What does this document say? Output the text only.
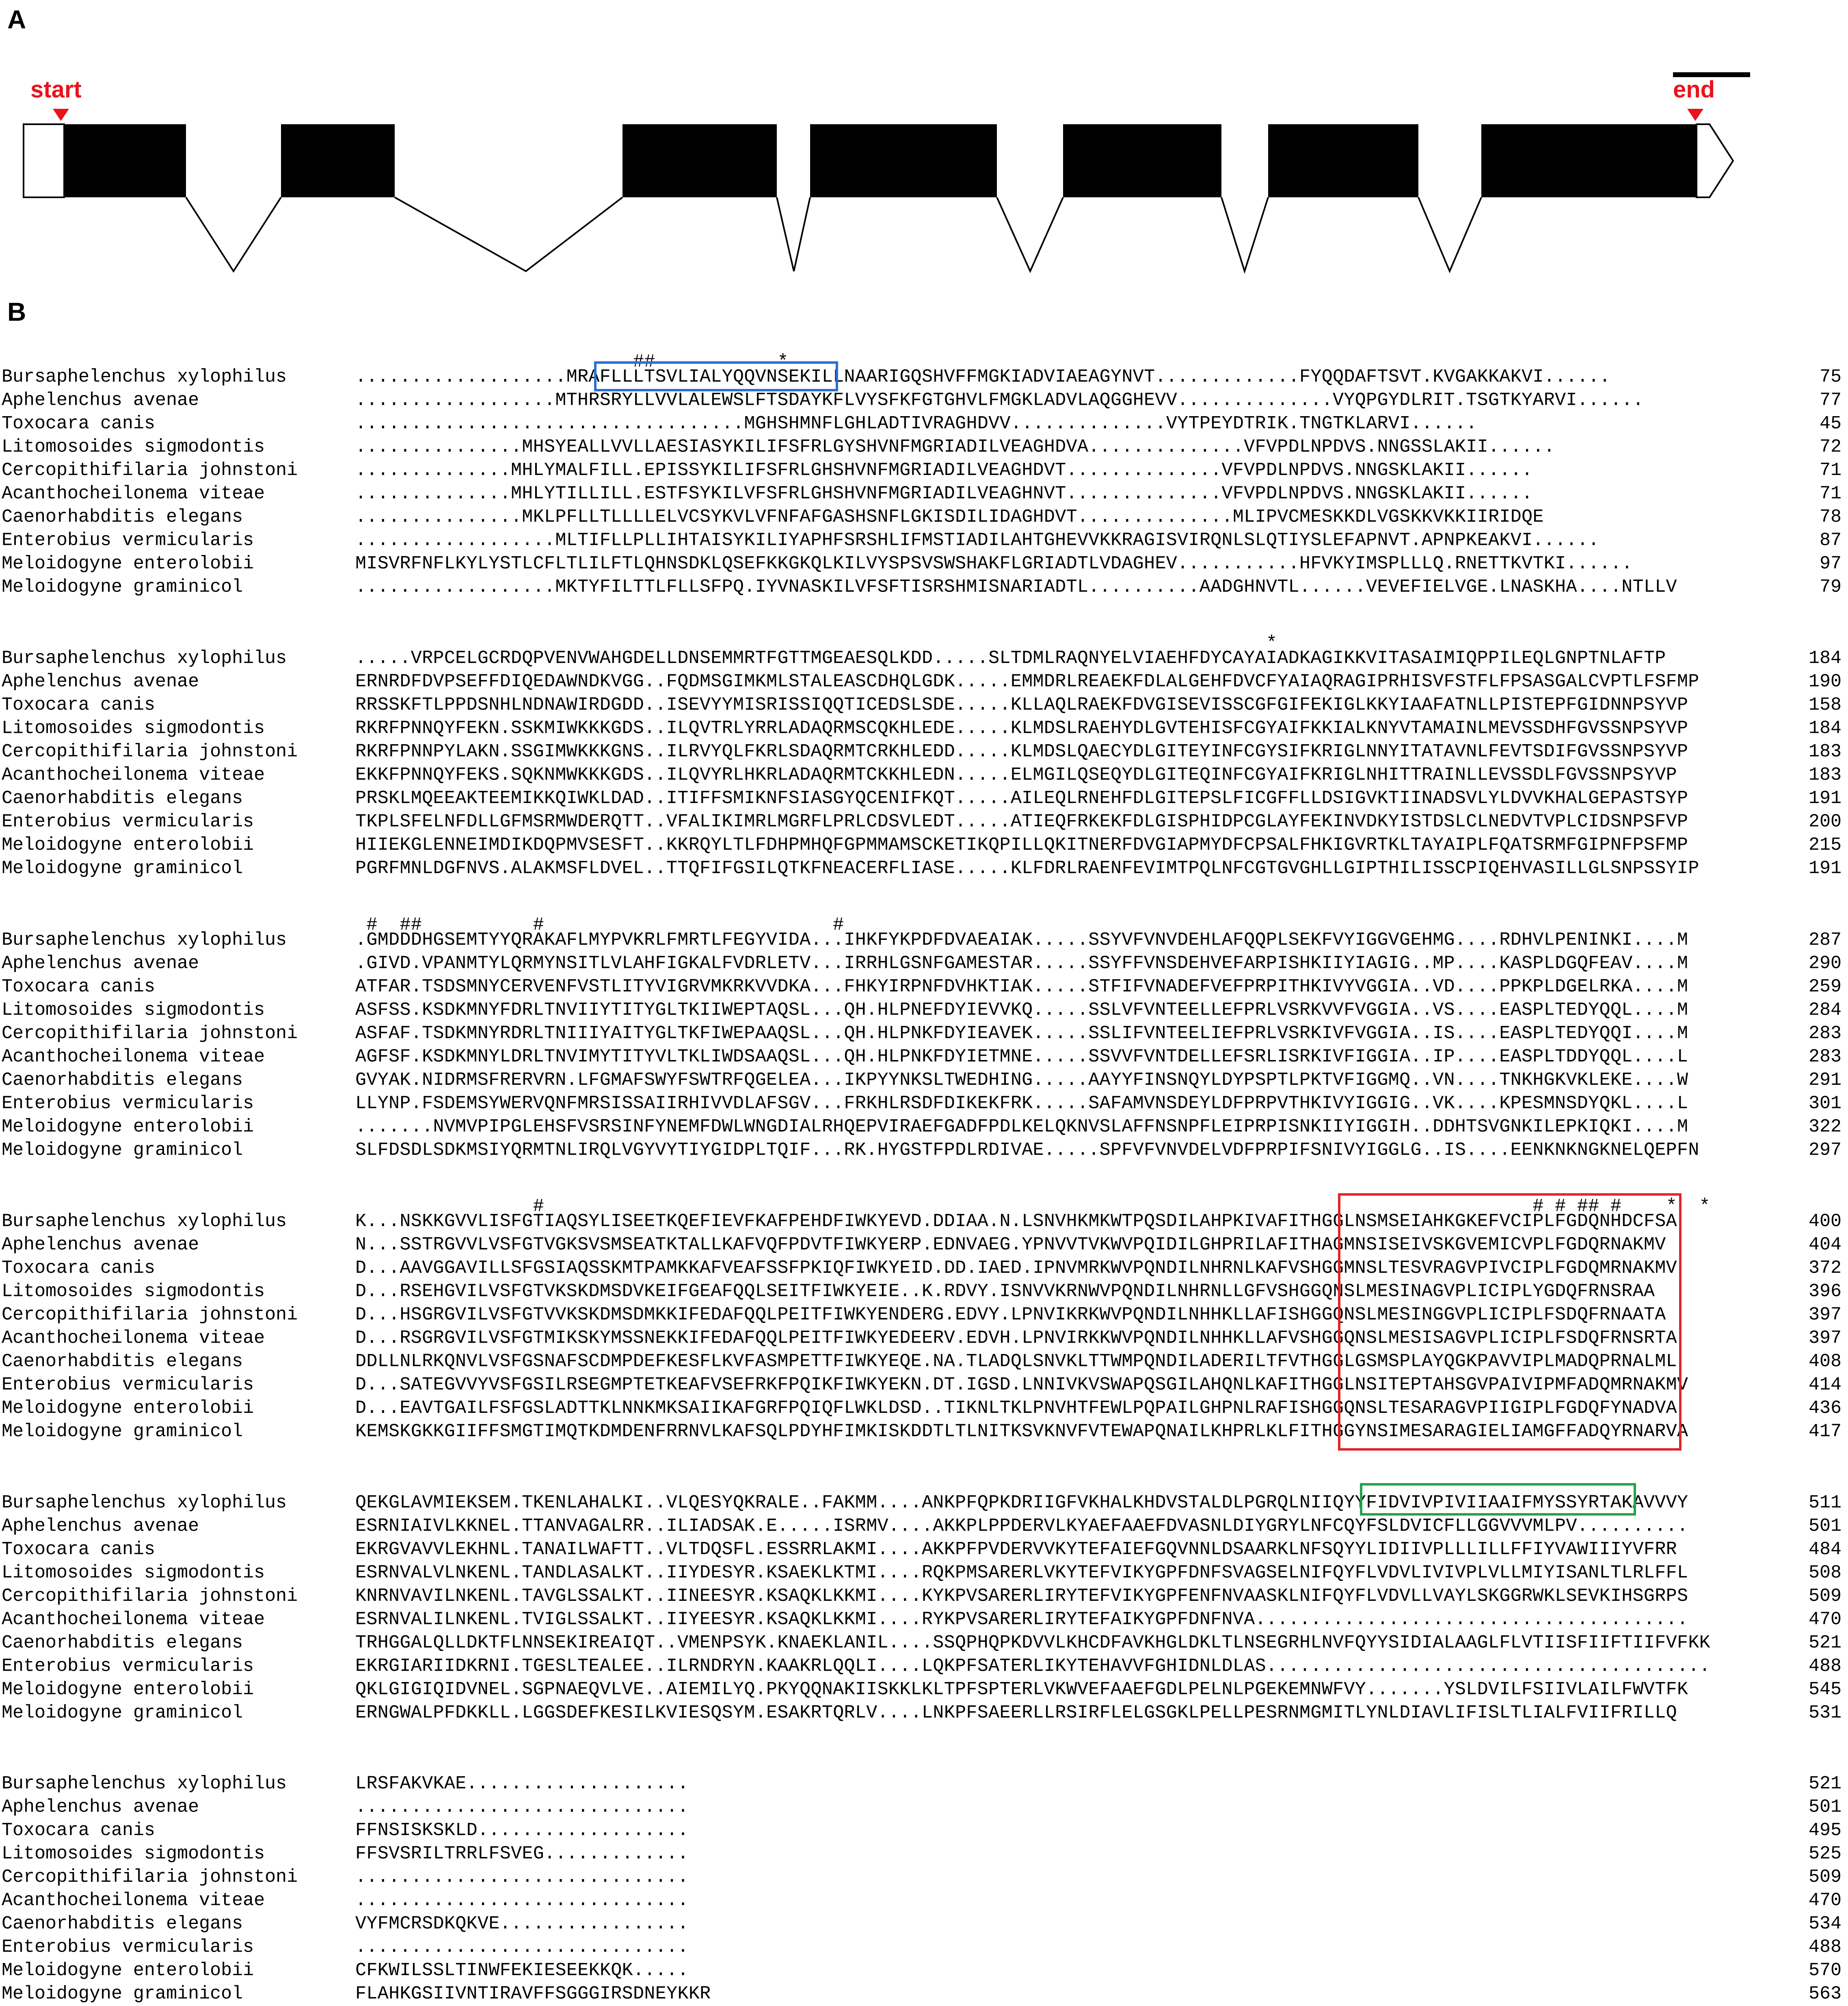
A
start	end
B
##           *
Bursaphelenchus xylophilus	...................MRAFLLLTSVLIALYQQVNSEKILLNAARIGQSHVFFMGKIADVIAEAGYNVT.............FYQQDAFTSVT.KVGAKKAKVI......	75
Aphelenchus avenae	..................MTHRSRYLLVVLALEWSLFTSDAYKFLVYSFKFGTGHVLFMGKLADVLAQGGHEVV..............VYQPGYDLRIT.TSGTKYARVI......	77
Toxocara canis	...................................MGHSHMNFLGHLADTIVRAGHDVV..............VYTPEYDTRIK.TNGTKLARVI......	45
Litomosoides sigmodontis	...............MHSYEALLVVLLAESIASYKILIFSFRLGYSHVNFMGRIADILVEAGHDVA..............VFVPDLNPDVS.NNGSSLAKII......	72
Cercopithifilaria johnstoni	..............MHLYMALFILL.EPISSYKILIFSFRLGHSHVNFMGRIADILVEAGHDVT..............VFVPDLNPDVS.NNGSKLAKII......	71
Acanthocheilonema viteae	..............MHLYTILLILL.ESTFSYKILVFSFRLGHSHVNFMGRIADILVEAGHNVT..............VFVPDLNPDVS.NNGSKLAKII......	71
Caenorhabditis elegans	...............MKLPFLLTLLLLELVCSYKVLVFNFAFGASHSNFLGKISDILIDAGHDVT..............MLIPVCMESKKDLVGSKKVKKIIRIDQE	78
Enterobius vermicularis	..................MLTIFLLPLLIHTAISYKILIYAPHFSRSHLIFMSTIADILAHTGHEVVKKRAGISVIRQNLSLQTIYSLEFAPNVT.APNPKEAKVI......	87
Meloidogyne enterolobii	MISVRFNFLKYLYSTLCFLTLILFTLQHNSDKLQSEFKKGKQLKILVYSPSVSWSHAKFLGRIADTLVDAGHEV...........HFVKYIMSPLLLQ.RNETTKVTKI......	97
Meloidogyne graminicol	..................MKTYFILTTLFLLSFPQ.IYVNASKILVFSFTISRSHMISNARIADTL..........AADGHNVTL......VEVEFIELVGE.LNASKHA....NTLLV	79
*
Bursaphelenchus xylophilus	.....VRPCELGCRDQPVENVWAHGDELLDNSEMMRTFGTTMGEAESQLKDD.....SLTDMLRAQNYELVIAEHFDYCAYAIADKAGIKKVITASAIMIQPPILEQLGNPTNLAFTP	184
Aphelenchus avenae	ERNRDFDVPSEFFDIQEDAWNDKVGG..FQDMSGIMKMLSTALEASCDHQLGDK.....EMMDRLREAEKFDLALGEHFDVCFYAIAQRAGIPRHISVFSTFLFPSASGALCVPTLFSFMP	190
Toxocara canis	RRSSKFTLPPDSNHLNDNAWIRDGDD..ISEVYYMISRISSIQQTICEDSLSDE.....KLLAQLRAEKFDVGISEVISSCGFGIFEKIGLKKYIAAFATNLLPISTEPFGIDNNPSYVP	158
Litomosoides sigmodontis	RKRFPNNQYFEKN.SSKMIWKKKGDS..ILQVTRLYRRLADAQRMSCQKHLEDE.....KLMDSLRAEHYDLGVTEHISFCGYAIFKKIALKNYVTAMAINLMEVSSDHFGVSSNPSYVP	184
Cercopithifilaria johnstoni	RKRFPNNPYLAKN.SSGIMWKKKGNS..ILRVYQLFKRLSDAQRMTCRKHLEDD.....KLMDSLQAECYDLGITEYINFCGYSIFKRIGLNNYITATAVNLFEVTSDIFGVSSNPSYVP	183
Acanthocheilonema viteae	EKKFPNNQYFEKS.SQKNMWKKKGDS..ILQVYRLHKRLADAQRMTCKKHLEDN.....ELMGILQSEQYDLGITEQINFCGYAIFKRIGLNHITTRAINLLEVSSDLFGVSSNPSYVP	183
Caenorhabditis elegans	PRSKLMQEEAKTEEMIKKQIWKLDAD..ITIFFSMIKNFSIASGYQCENIFKQT.....AILEQLRNEHFDLGITEPSLFICGFFLLDSIGVKTIINADSVLYLDVVKHALGEPASTSYP	191
Enterobius vermicularis	TKPLSFELNFDLLGFMSRMWDERQTT..VFALIKIMRLMGRFLPRLCDSVLEDT.....ATIEQFRKEKFDLGISPHIDPCGLAYFEKINVDKYISTDSLCLNEDVTVPLCIDSNPSFVP	200
Meloidogyne enterolobii	HIIEKGLENNEIMDIKDQPMVSESFT..KKRQYLTLFDHPMHQFGPMMAMSCKETIKQPILLQKITNERFDVGIAPMYDFCPSALFHKIGVRTKLTAYAIPLFQATSRMFGIPNFPSFMP	215
Meloidogyne graminicol	PGRFMNLDGFNVS.ALAKMSFLDVEL..TTQFIFGSILQTKFNEACERFLIASE.....KLFDRLRAENFEVIMTPQLNFCGTGVGHLLGIPTHILISSCPIQEHVASILLGLSNPSSYIP	191
#  ##          #                          #
Bursaphelenchus xylophilus	.GMDDDHGSEMTYYQRAKAFLMYPVKRLFMRTLFEGYVIDA...IHKFYKPDFDVAEAIAK.....SSYVFVNVDEHLAFQQPLSEKFVYIGGVGEHMG....RDHVLPENINKI....M	287
Aphelenchus avenae	.GIVD.VPANMTYLQRMYNSITLVLAHFIGKALFVDRLETV...IRRHLGSNFGAMESTAR.....SSYFFVNSDEHVEFARPISHKIIYIAGIG..MP....KASPLDGQFEAV....M	290
Toxocara canis	ATFAR.TSDSMNYCERVENFVSTLITYVIGRVMKRKVVDKA...FHKYIRPNFDVHKTIAK.....STFIFVNADEFVEFPRPITHKIVYVGGIA..VD....PPKPLDGELRKA....M	259
Litomosoides sigmodontis	ASFSS.KSDKMNYFDRLTNVIIYTITYGLTKIIWEPTAQSL...QH.HLPNEFDYIEVVKQ.....SSLVFVNTEELLEFPRLVSRKVVFVGGIA..VS....EASPLTEDYQQL....M	284
Cercopithifilaria johnstoni	ASFAF.TSDKMNYRDRLTNIIIYAITYGLTKFIWEPAAQSL...QH.HLPNKFDYIEAVEK.....SSLIFVNTEELIEFPRLVSRKIVFVGGIA..IS....EASPLTEDYQQI....M	283
Acanthocheilonema viteae	AGFSF.KSDKMNYLDRLTNVIMYTITYVLTKLIWDSAAQSL...QH.HLPNKFDYIETMNE.....SSVVFVNTDELLEFSRLISRKIVFIGGIA..IP....EASPLTDDYQQL....L	283
Caenorhabditis elegans	GVYAK.NIDRMSFRERVRN.LFGMAFSWYFSWTRFQGELEA...IKPYYNKSLTWEDHING.....AAYYFINSNQYLDYPSPTLPKTVFIGGMQ..VN....TNKHGKVKLEKE....W	291
Enterobius vermicularis	LLYNP.FSDEMSYWERVQNFMRSISSAIIRHIVVDLAFSGV...FRKHLRSDFDIKEKFRK.....SAFAMVNSDEYLDFPRPVTHKIVYIGGIG..VK....KPESMNSDYQKL....L	301
Meloidogyne enterolobii	.......NVMVPIPGLEHSFVSRSINFYNEMFDWLWNGDIALRHQEPVIRAEFGADFPDLKELQKNVSLAFFNSNPFLEIPRPISNKIIYIGGIH..DDHTSVGNKILEPKIQKI....M	322
Meloidogyne graminicol	SLFDSDLSDKMSIYQRMTNLIRQLVGYVYTIYGIDPLTQIF...RK.HYGSTFPDLRDIVAE.....SPFVFVNVDELVDFPRPIFSNIVYIGGLG..IS....EENKNKNGKNELQEPFN	297
#                                                                                         # # ## #    *  *
Bursaphelenchus xylophilus	K...NSKKGVVLISFGTIAQSYLISEETKQEFIEVFKAFPEHDFIWKYEVD.DDIAA.N.LSNVHKMKWTPQSDILAHPKIVAFITHGGLNSMSEIAHKGKEFVCIPLFGDQNHDCFSA	400
Aphelenchus avenae	N...SSTRGVVLVSFGTVGKSVSMSEATKTALLKAFVQFPDVTFIWKYERP.EDNVAEG.YPNVVTVKWVPQIDILGHPRILAFITHAGMNSISEIVSKGVEMICVPLFGDQRNAKMV	404
Toxocara canis	D...AAVGGAVILLSFGSIAQSSKMTPAMKKAFVEAFSSFPKIQFIWKYEID.DD.IAED.IPNVMRKWVPQNDILNHRNLKAFVSHGGMNSLTESVRAGVPIVCIPLFGDQMRNAKMV	372
Litomosoides sigmodontis	D...RSEHGVILVSFGTVKSKDMSDVKEIFGEAFQQLSEITFIWKYEIE..K.RDVY.ISNVVKRNWVPQNDILNHRNLLGFVSHGGQNSLMESINAGVPLICIPLYGDQFRNSRAA	396
Cercopithifilaria johnstoni	D...HSGRGVILVSFGTVVKSKDMSDMKKIFEDAFQQLPEITFIWKYENDERG.EDVY.LPNVIKRKWVPQNDILNHHKLLAFISHGGQNSLMESINGGVPLICIPLFSDQFRNAATA	397
Acanthocheilonema viteae	D...RSGRGVILVSFGTMIKSKYMSSNEKKIFEDAFQQLPEITFIWKYEDEERV.EDVH.LPNVIRKKWVPQNDILNHHKLLAFVSHGGQNSLMESISAGVPLICIPLFSDQFRNSRTA	397
Caenorhabditis elegans	DDLLNLRKQNVLVSFGSNAFSCDMPDEFKESFLKVFASMPETTFIWKYEQE.NA.TLADQLSNVKLTTWMPQNDILADERILTFVTHGGLGSMSPLAYQGKPAVVIPLMADQPRNALML	408
Enterobius vermicularis	D...SATEGVVYVSFGSILRSEGMPTETKEAFVSEFRKFPQIKFIWKYEKN.DT.IGSD.LNNIVKVSWAPQSGILAHQNLKAFITHGGLNSITEPTAHSGVPAIVIPMFADQMRNAKMV	414
Meloidogyne enterolobii	D...EAVTGAILFSFGSLADTTKLNNKMKSAIIKAFGRFPQIQFLWKLDSD..TIKNLTKLPNVHTFEWLPQPAILGHPNLRAFISHGGQNSLTESARAGVPIIGIPLFGDQFYNADVA	436
Meloidogyne graminicol	KEMSKGKKGIIFFSMGTIMQTKDMDENFRRNVLKAFSQLPDYHFIMKISKDDTLTLNITKSVKNVFVTEWAPQNAILKHPRLKLFITHGGYNSIMESARAGIELIAMGFFADQYRNARVA	417
Bursaphelenchus xylophilus	QEKGLAVMIEKSEM.TKENLAHALKI..VLQESYQKRALE..FAKMM....ANKPFQPKDRIIGFVKHALKHDVSTALDLPGRQLNIIQYYFIDVIVPIVIIAAIFMYSSYRTAKAVVVY	511
Aphelenchus avenae	ESRNIAIVLKKNEL.TTANVAGALRR..ILIADSAK.E.....ISRMV....AKKPLPPDERVLKYAEFAAEFDVASNLDIYGRYLNFCQYFSLDVICFLLGGVVVMLPV..........	501
Toxocara canis	EKRGVAVVLEKHNL.TANAILWAFTT..VLTDQSFL.ESSRRLAKMI....AKKPFPVDERVVKYTEFAIEFGQVNNLDSAARKLNFSQYYLIDIIVPLLLILLFFIYVAWIIIYVFRR	484
Litomosoides sigmodontis	ESRNVALVLNKENL.TANDLASALKT..IIYDESYR.KSAEKLKTMI....RQKPMSARERLVKYTEFVIKYGPFDNFSVAGSELNIFQYFLVDVLIVIVPLVLLMIYISANLTLRLFFL	508
Cercopithifilaria johnstoni	KNRNVAVILNKENL.TAVGLSSALKT..IINEESYR.KSAQKLKKMI....KYKPVSARERLIRYTEFVIKYGPFENFNVAASKLNIFQYFLVDVLLVAYLSKGGRWKLSEVKIHSGRPS	509
Acanthocheilonema viteae	ESRNVALILNKENL.TVIGLSSALKT..IIYEESYR.KSAQKLKKMI....RYKPVSARERLIRYTEFAIKYGPFDNFNVA.......................................	470
Caenorhabditis elegans	TRHGGALQLLDKTFLNNSEKIREAIQT..VMENPSYK.KNAEKLANIL....SSQPHQPKDVVLKHCDFAVKHGLDKLTLNSEGRHLNVFQYYSIDIALAAGLFLVTIISFIIFTIIFVFKK	521
Enterobius vermicularis	EKRGIARIIDKRNI.TGESLTEALEE..ILRNDRYN.KAAKRLQQLI....LQKPFSATERLIKYTEHAVVFGHIDNLDLAS........................................	488
Meloidogyne enterolobii	QKLGIGIQIDVNEL.SGPNAEQVLVE..AIEMILYQ.PKYQQNAKIISKKLKLTPFSPTERLVKWVEFAAEFGDLPELNLPGEKEMNWFVY.......YSLDVILFSIIVLAILFWVTFK	545
Meloidogyne graminicol	ERNGWALPFDKKLL.LGGSDEFKESILKVIESQSYM.ESAKRTQRLV....LNKPFSAEERLLRSIRFLELGSGKLPELLPESRNMGMITLYNLDIAVLIFISLTLIALFVIIFRILLQ	531
Bursaphelenchus xylophilus	LRSFAKVKAE....................	521
Aphelenchus avenae	..............................	501
Toxocara canis	FFNSISKSKLD...................	495
Litomosoides sigmodontis	FFSVSRILTRRLFSVEG.............	525
Cercopithifilaria johnstoni	..............................	509
Acanthocheilonema viteae	..............................	470
Caenorhabditis elegans	VYFMCRSDKQKVE.................	534
Enterobius vermicularis	..............................	488
Meloidogyne enterolobii	CFKWILSSLTINWFEKIESEEKKQK.....	570
Meloidogyne graminicol	FLAHKGSIIVNTIRAVFFSGGGIRSDNEYKKR	563
